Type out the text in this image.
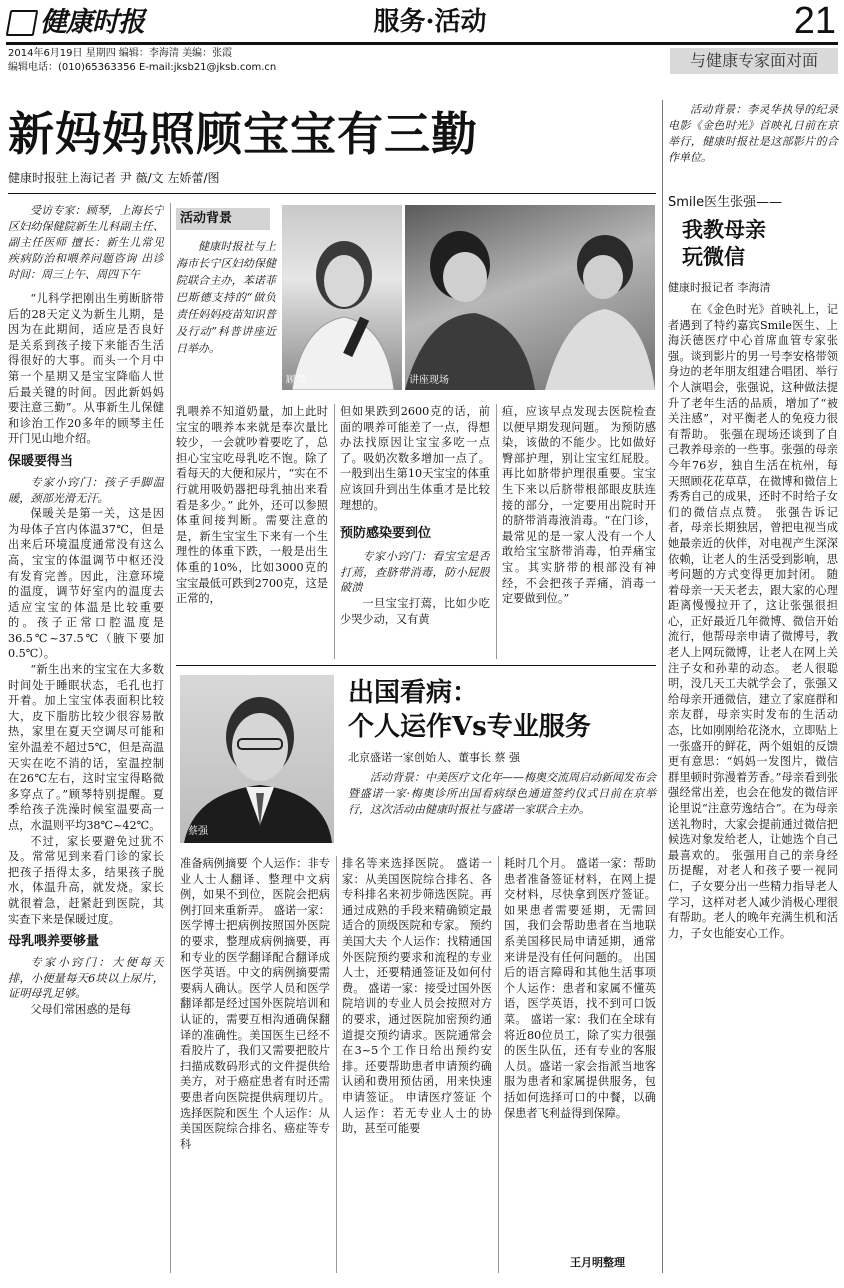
健康时报	服务·活动	21
2014年6月19日 星期四 编辑：李海清 美编：张霞
编辑电话：(010)65363356 E-mail:jksb21@jksb.com.cn	与健康专家面对面
新妈妈照顾宝宝有三勤
健康时报驻上海记者 尹 薇/文 左娇蕾/图
受访专家：顾琴，上海长宁区妇幼保健院新生儿科副主任、副主任医师 擅长：新生儿常见疾病防治和喂养问题咨询 出诊时间：周三上午、周四下午

“儿科学把刚出生剪断脐带后的28天定义为新生儿期，是因为在此期间，适应是否良好是关系到孩子接下来能否生活得很好的大事。而头一个月中第一个星期又是宝宝降临人世后最关键的时间。因此新妈妈要注意三勤”。从事新生儿保健和诊治工作20多年的顾琴主任开门见山地介绍。

保暖要得当

专家小窍门：孩子手脚温暖，颈部光滑无汗。

保暖关是第一关，这是因为母体子宫内体温37℃，但是出来后环境温度通常没有这么高，宝宝的体温调节中枢还没有发育完善。因此，注意环境的温度，调节好室内的温度去适应宝宝的体温是比较重要的。孩子正常口腔温度是36.5℃~37.5℃（腋下要加0.5℃）。

“新生出来的宝宝在大多数时间处于睡眠状态，毛孔也打开着。加上宝宝体表面积比较大，皮下脂肪比较少很容易散热，家里在夏天空调尽可能和室外温差不超过5℃，但是高温天实在吃不消的话，室温控制在26℃左右，这时宝宝得略微多穿点了。”顾琴特别提醒。夏季给孩子洗澡时候室温要高一点，水温则平均38℃~42℃。

不过，家长要避免过犹不及。常常见到来看门诊的家长把孩子捂得太多，结果孩子脱水，体温升高，就发烧。家长就很着急，赶紧赶到医院，其实查下来是保暖过度。

母乳喂养要够量

专家小窍门：大便每天排，小便量每天6块以上尿片，证明母乳足够。

父母们常困惑的是每

活动背景
健康时报社与上海市长宁区妇幼保健院联合主办，苯诺菲巴斯德支持的“做负责任妈妈疫苗知识普及行动”科普讲座近日举办。
顾琴	讲座现场

乳喂养不知道奶量，加上此时宝宝的喂养本来就是奉次量比较少，一会就吵着要吃了，总担心宝宝吃母乳吃不饱。除了看每天的大便和尿片，“实在不行就用吸奶器把母乳抽出来看看是多少。” 此外，还可以参照体重间接判断。需要注意的是，新生宝宝生下来有一个生理性的体重下跌，一般是出生体重的10%，比如3000克的宝宝最低可跌到2700克，这是正常的，

但如果跌到2600克的话，前面的喂养可能差了一点，得想办法找原因让宝宝多吃一点了。吸奶次数多增加一点了。一般到出生第10天宝宝的体重应该回升到出生体重才是比较理想的。

预防感染要到位

专家小窍门：看宝宝是否打蔫，查脐带消毒，防小屁股破溃

一旦宝宝打蔫，比如少吃少哭少动，又有黄

疸，应该早点发现去医院检查以便早期发现问题。 为预防感染，该做的不能少。比如做好臀部护理，别让宝宝红屁股。再比如脐带护理很重要。宝宝生下来以后脐带根部眼皮肤连接的部分，一定要用出院时开的脐带消毒液消毒。“在门诊，最常见的是一家人没有一个人敢给宝宝脐带消毒，怕弄痛宝宝。其实脐带的根部没有神经，不会把孩子弄痛，消毒一定要做到位。”

蔡强
出国看病：
个人运作Vs专业服务
北京盛诺一家创始人、董事长 蔡 强
活动背景：中美医疗文化年——梅奥交流周启动新闻发布会暨盛诺一家·梅奥诊所出国看病绿色通道签约仪式日前在京举行，这次活动由健康时报社与盛诺一家联合主办。

准备病例摘要 个人运作：非专业人士人翻译、整理中文病例，如果不到位，医院会把病例打回来重新弄。 盛诺一家：医学博士把病例按照国外医院的要求，整理成病例摘要，再和专业的医学翻译配合翻译成医学英语。中文的病例摘要需要病人确认。医学人员和医学翻译都是经过国外医院培训和认证的，需要互相沟通确保翻译的准确性。美国医生已经不看胶片了，我们又需要把胶片扫描成数码形式的文件提供给美方，对于癌症患者有时还需要患者向医院提供病理切片。 选择医院和医生 个人运作：从美国医院综合排名、癌症等专科

排名等来选择医院。 盛诺一家：从美国医院综合排名、各专科排名来初步筛选医院。再通过成熟的手段来精确锁定最适合的顶级医院和专家。 预约美国大夫 个人运作：找精通国外医院预约要求和流程的专业人士，还要精通签证及如何付费。 盛诺一家：接受过国外医院培训的专业人员会按照对方的要求，通过医院加密预约通道提交预约请求。医院通常会在3~5个工作日给出预约安排。还要帮助患者申请预约确认函和费用预估函，用来快速申请签证。 申请医疗签证 个人运作：若无专业人士的协助，甚至可能要

耗时几个月。 盛诺一家：帮助患者准备签证材料，在网上提交材料，尽快拿到医疗签证。如果患者需要延期，无需回国，我们会帮助患者在当地联系美国移民局申请延期，通常来讲是没有任何问题的。 出国后的语言障碍和其他生活事项 个人运作：患者和家属不懂英语，医学英语，找不到可口饭菜。 盛诺一家：我们在全球有将近80位员工，除了实力很强的医生队伍，还有专业的客服人员。盛诺一家会指派当地客服为患者和家属提供服务，包括如何选择可口的中餐，以确保患者飞利益得到保障。

王月明整理
活动背景：李灵华执导的纪录电影《金色时光》首映礼日前在京举行，健康时报社是这部影片的合作单位。
Smile医生张强——
我教母亲玩微信
健康时报记者 李海清

在《金色时光》首映礼上，记者遇到了特约嘉宾Smile医生、上海沃德医疗中心首席血管专家张强。谈到影片的男一号李安格带领身边的老年朋友组建合唱团、举行个人演唱会，张强说，这种做法提升了老年生活的品质，增加了“被关注感”，对平衡老人的免疫力很有帮助。 张强在现场还谈到了自己教养母亲的一些事。张强的母亲今年76岁，独自生活在杭州，每天照顾花花草草，在微博和微信上秀秀自己的成果，还时不时给子女们的微信点点赞。 张强告诉记者，母亲长期独居，曾把电视当成她最亲近的伙伴，对电视产生深深依赖，让老人的生活受到影响，思考问题的方式变得更加封闭。 随着母亲一天天老去，跟大家的心理距离慢慢拉开了，这让张强很担心，正好最近几年微博、微信开始流行，他帮母亲申请了微博号，教老人上网玩微博，让老人在网上关注子女和孙辈的动态。 老人很聪明，没几天工夫就学会了，张强又给母亲开通微信，建立了家庭群和亲友群，母亲实时发布的生活动态，比如刚刚给花浇水，立即贴上一张盛开的鲜花，两个姐姐的反馈更有意思：“妈妈一发图片，微信群里顿时弥漫着芳香。”母亲看到张强经常出差，也会在他发的微信评论里说“注意劳逸结合”。在为母亲送礼物时，大家会提前通过微信把候选对象发给老人，让她选个自己最喜欢的。 张强用自己的亲身经历提醒，对老人和孩子要一视同仁，子女要分出一些精力指导老人学习，这样对老人减少消极心理很有帮助。老人的晚年充满生机和活力，子女也能安心工作。
